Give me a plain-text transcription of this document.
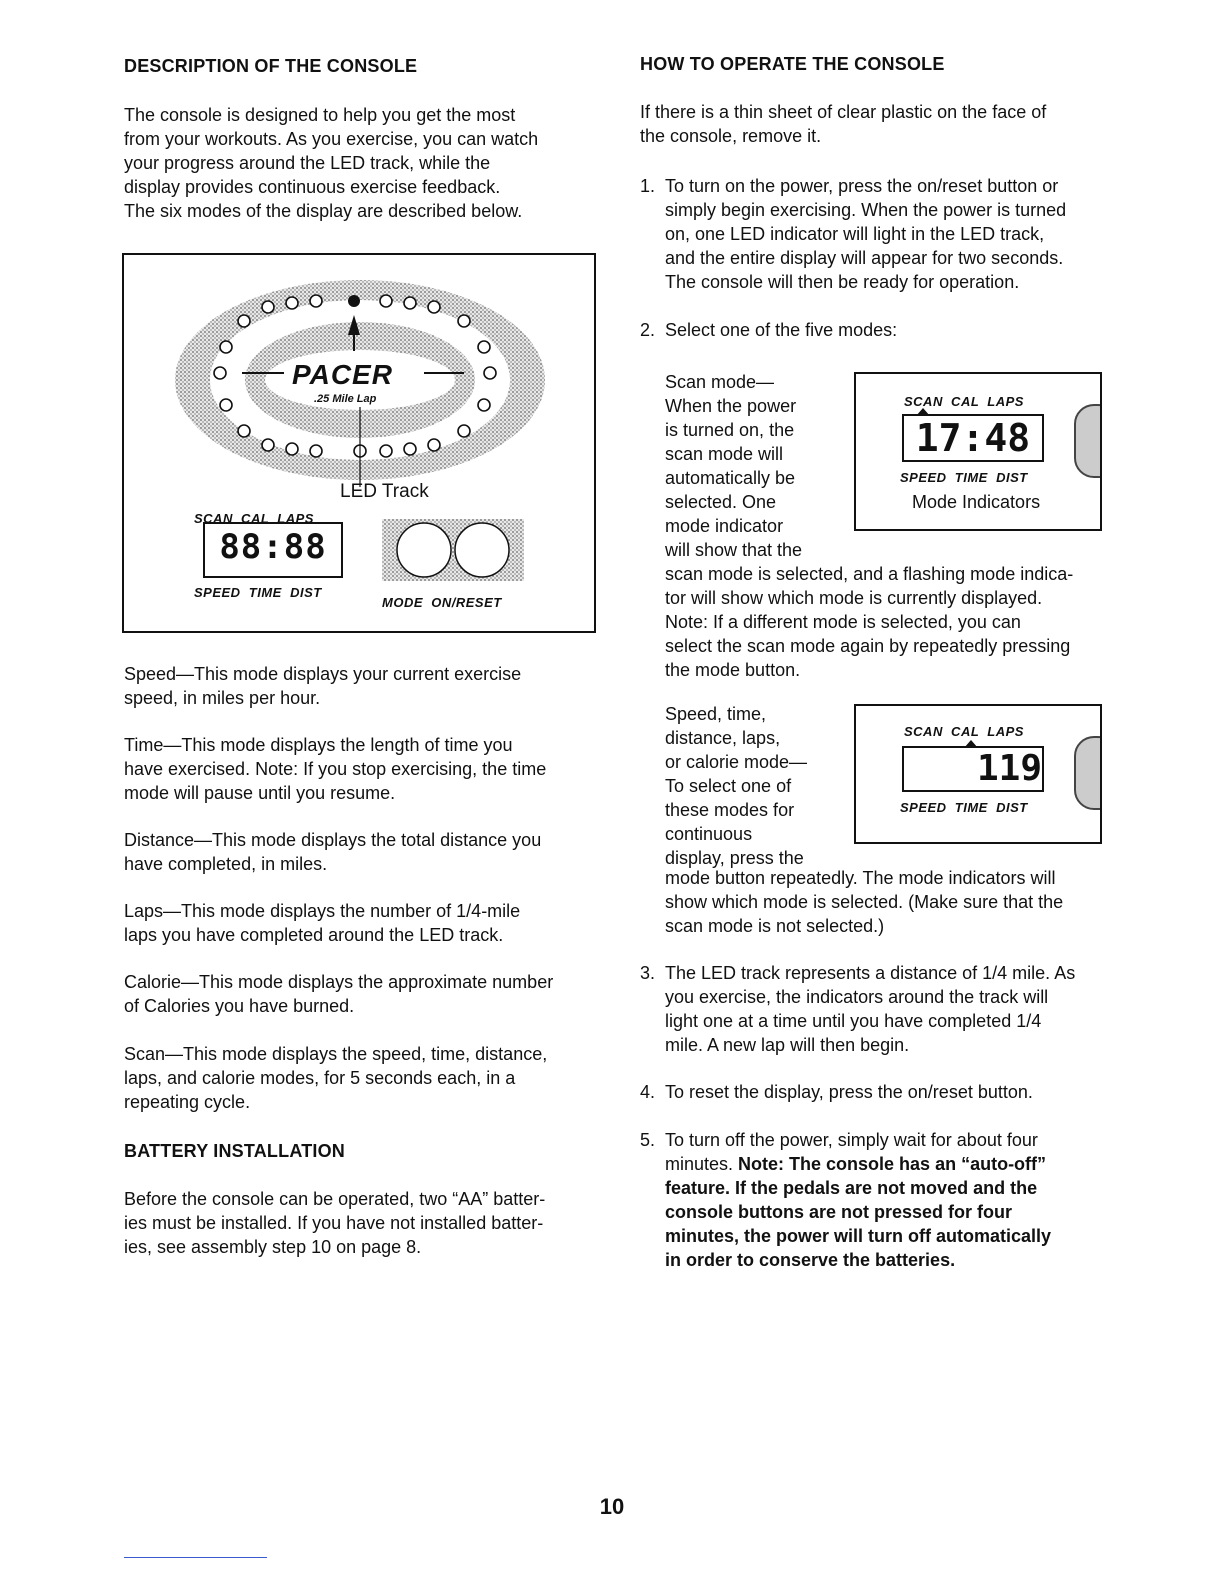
DESCRIPTION OF THE CONSOLE
The console is designed to help you get the most
from your workouts. As you exercise, you can watch
your progress around the LED track, while the
display provides continuous exercise feedback.
The six modes of the display are described below.
PACER
.25 Mile Lap
LED Track
SCAN  CAL  LAPS
88:88
SPEED  TIME  DIST
MODE  ON/RESET
Speed—This mode displays your current exercise
speed, in miles per hour.
Time—This mode displays the length of time you
have exercised. Note: If you stop exercising, the time
mode will pause until you resume.
Distance—This mode displays the total distance you
have completed, in miles.
Laps—This mode displays the number of 1/4-mile
laps you have completed around the LED track.
Calorie—This mode displays the approximate number
of Calories you have burned.
Scan—This mode displays the speed, time, distance,
laps, and calorie modes, for 5 seconds each, in a
repeating cycle.
BATTERY INSTALLATION
Before the console can be operated, two “AA” batter-
ies must be installed. If you have not installed batter-
ies, see assembly step 10 on page 8.
HOW TO OPERATE THE CONSOLE
If there is a thin sheet of clear plastic on the face of
the console, remove it.
1. To turn on the power, press the on/reset button or
simply begin exercising. When the power is turned
on, one LED indicator will light in the LED track,
and the entire display will appear for two seconds.
The console will then be ready for operation.
2. Select one of the five modes:
Scan mode—
When the power
is turned on, the
scan mode will
automatically be
selected. One
mode indicator
will show that the
scan mode is selected, and a flashing mode indica-
tor will show which mode is currently displayed.
Note: If a different mode is selected, you can
select the scan mode again by repeatedly pressing
the mode button.
SCAN  CAL  LAPS
17:48
SPEED  TIME  DIST
Mode Indicators
Speed, time,
distance, laps,
or calorie mode—
To select one of
these modes for
continuous
display, press the
mode button repeatedly. The mode indicators will
show which mode is selected. (Make sure that the
scan mode is not selected.)
SCAN  CAL  LAPS
119
SPEED  TIME  DIST
3. The LED track represents a distance of 1/4 mile. As
you exercise, the indicators around the track will
light one at a time until you have completed 1/4
mile. A new lap will then begin.
4. To reset the display, press the on/reset button.
5. To turn off the power, simply wait for about four
minutes. Note: The console has an “auto-off”
feature. If the pedals are not moved and the
console buttons are not pressed for four
minutes, the power will turn off automatically
in order to conserve the batteries.
10
